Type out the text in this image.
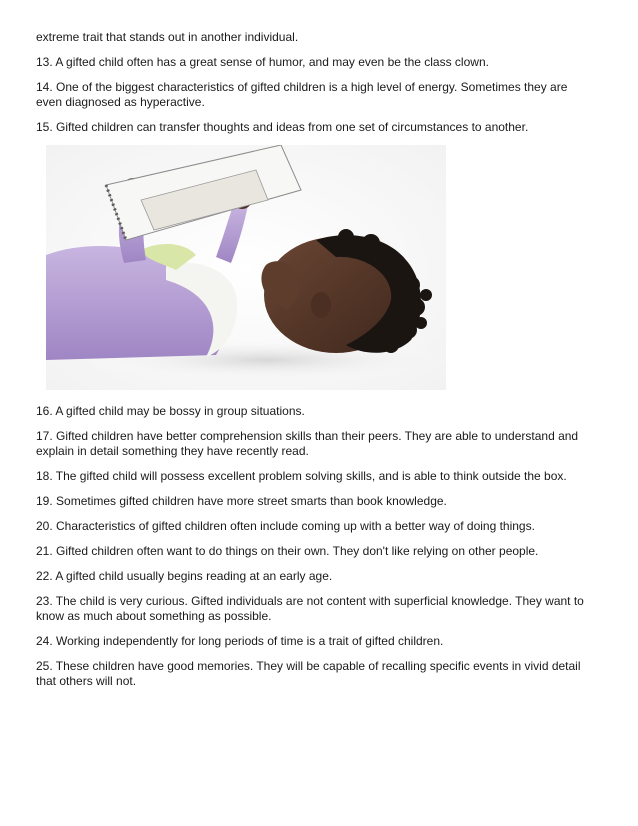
extreme trait that stands out in another individual.

13. A gifted child often has a great sense of humor, and may even be the class clown.

14. One of the biggest characteristics of gifted children is a high level of energy. Sometimes they are even diagnosed as hyperactive.

15. Gifted children can transfer thoughts and ideas from one set of circumstances to another.

16. A gifted child may be bossy in group situations.

17. Gifted children have better comprehension skills than their peers. They are able to understand and explain in detail something they have recently read.

18. The gifted child will possess excellent problem solving skills, and is able to think outside the box.

19. Sometimes gifted children have more street smarts than book knowledge.

20. Characteristics of gifted children often include coming up with a better way of doing things.

21. Gifted children often want to do things on their own. They don't like relying on other people.

22. A gifted child usually begins reading at an early age.

23. The child is very curious. Gifted individuals are not content with superficial knowledge. They want to know as much about something as possible.

24. Working independently for long periods of time is a trait of gifted children.

25. These children have good memories. They will be capable of recalling specific events in vivid detail that others will not.
